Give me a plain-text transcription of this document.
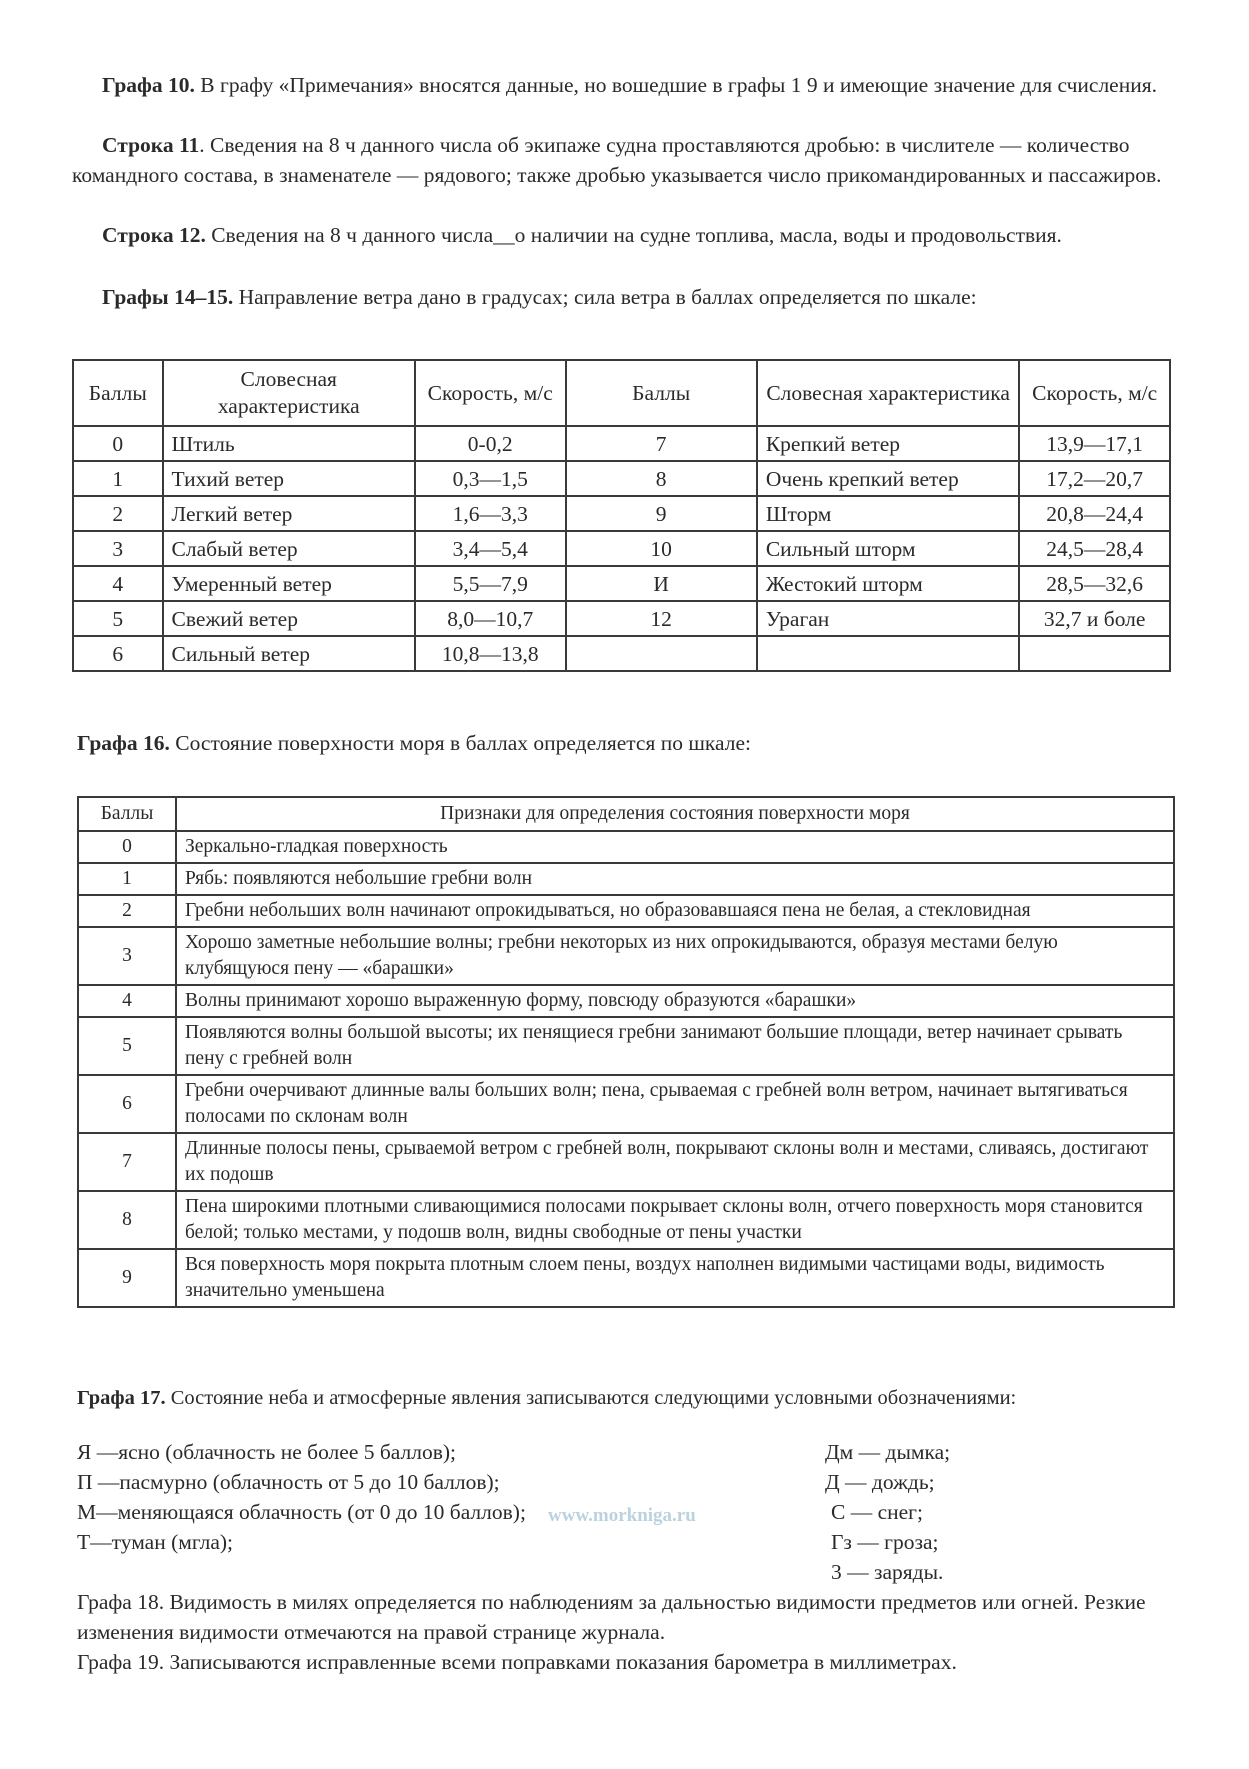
Графа 10. В графу «Примечания» вносятся данные, но вошедшие в графы 1 9 и имеющие значение для счисления.
Строка 11. Сведения на 8 ч данного числа об экипаже судна проставляются дробью: в числителе — количество командного состава, в знаменателе — рядового; также дробью указывается число прикомандированных и пассажиров.
Строка 12. Сведения на 8 ч данного числа__о наличии на судне топлива, масла, воды и продовольствия.
Графы 14–15. Направление ветра дано в градусах; сила ветра в баллах определяется по шкале:
Баллы	Словесная характеристика	Скорость, м/с	Баллы	Словесная характеристика	Скорость, м/с
0	Штиль	0-0,2	7	Крепкий ветер	13,9—17,1
1	Тихий ветер	0,3—1,5	8	Очень крепкий ветер	17,2—20,7
2	Легкий ветер	1,6—3,3	9	Шторм	20,8—24,4
3	Слабый ветер	3,4—5,4	10	Сильный шторм	24,5—28,4
4	Умеренный ветер	5,5—7,9	И	Жестокий шторм	28,5—32,6
5	Свежий ветер	8,0—10,7	12	Ураган	32,7 и боле
6	Сильный ветер	10,8—13,8			
Графа 16. Состояние поверхности моря в баллах определяется по шкале:
Баллы	Признаки для определения состояния поверхности моря
0	Зеркально-гладкая поверхность
1	Рябь: появляются небольшие гребни волн
2	Гребни небольших волн начинают опрокидываться, но образовавшаяся пена не белая, а стекловидная
3	Хорошо заметные небольшие волны; гребни некоторых из них опрокидываются, образуя местами белую клубящуюся пену — «барашки»
4	Волны принимают хорошо выраженную форму, повсюду образуются «барашки»
5	Появляются волны большой высоты; их пенящиеся гребни занимают большие площади, ветер начинает срывать пену с гребней волн
6	Гребни очерчивают длинные валы больших волн; пена, срываемая с гребней волн ветром, начинает вытягиваться полосами по склонам волн
7	Длинные полосы пены, срываемой ветром с гребней волн, покрывают склоны волн и местами, сливаясь, достигают их подошв
8	Пена широкими плотными сливающимися полосами покрывает склоны волн, отчего поверхность моря становится белой; только местами, у подошв волн, видны свободные от пены участки
9	Вся поверхность моря покрыта плотным слоем пены, воздух наполнен видимыми частицами воды, видимость значительно уменьшена
Графа 17. Состояние неба и атмосферные явления записываются следующими условными обозначениями:
Я —ясно (облачность не более 5 баллов);
П —пасмурно (облачность от 5 до 10 баллов);
М—меняющаяся облачность (от 0 до 10 баллов);
Т—туман (мгла);
www.morkniga.ru
Дм — дымка;
Д — дождь;
С — снег;
Гз — гроза;
3 — заряды.
Графа 18. Видимость в милях определяется по наблюдениям за дальностью видимости предметов или огней. Резкие изменения видимости отмечаются на правой странице журнала.
Графа 19. Записываются исправленные всеми поправками показания барометра в миллиметрах.
